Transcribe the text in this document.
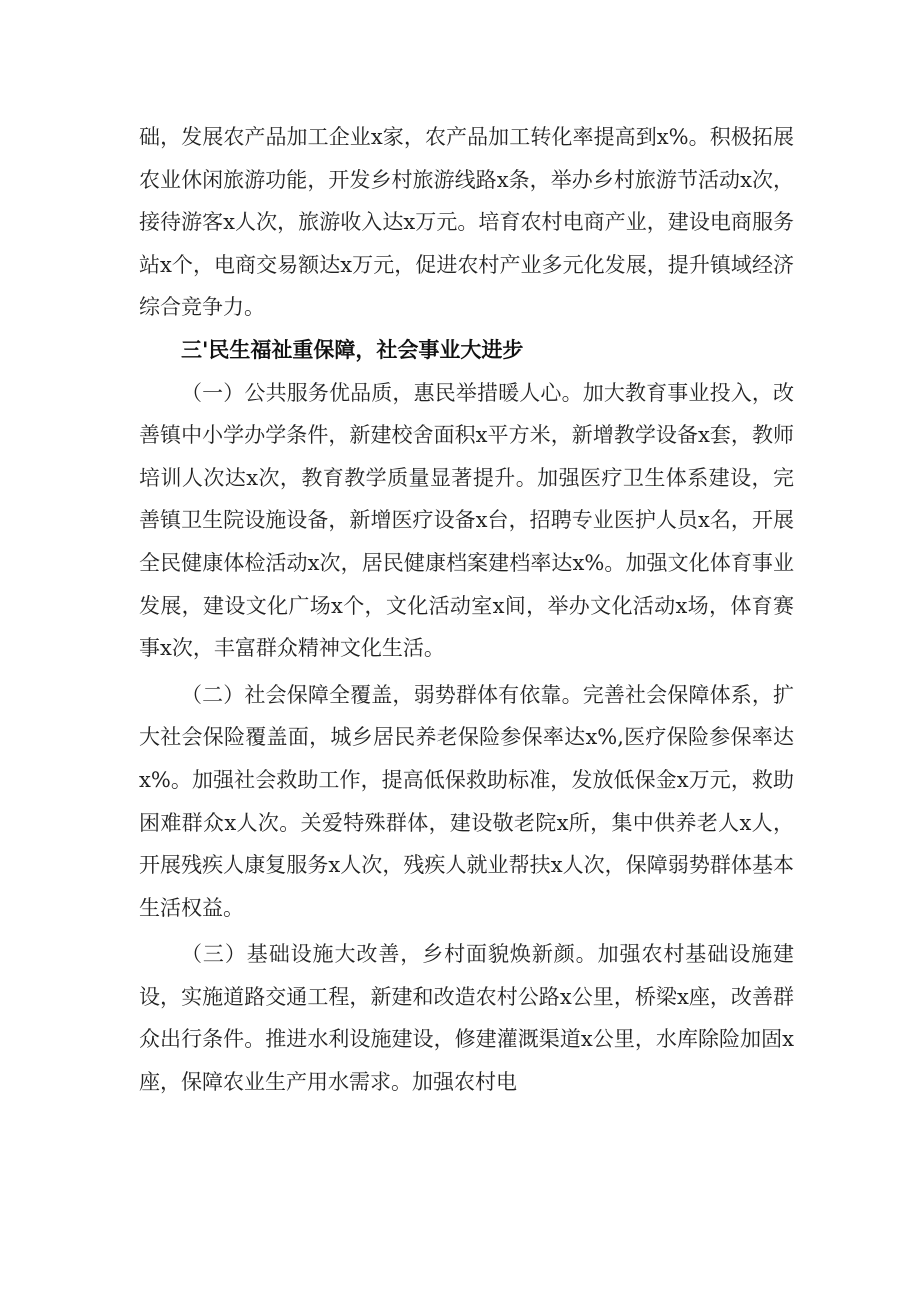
础，发展农产品加工企业x家，农产品加工转化率提高到x%。积极拓展农业休闲旅游功能，开发乡村旅游线路x条，举办乡村旅游节活动x次，接待游客x人次，旅游收入达x万元。培育农村电商产业，建设电商服务站x个，电商交易额达x万元，促进农村产业多元化发展，提升镇域经济综合竞争力。

三'民生福祉重保障，社会事业大进步

（一）公共服务优品质，惠民举措暖人心。加大教育事业投入，改善镇中小学办学条件，新建校舍面积x平方米，新增教学设备x套，教师培训人次达x次，教育教学质量显著提升。加强医疗卫生体系建设，完善镇卫生院设施设备，新增医疗设备x台，招聘专业医护人员x名，开展全民健康体检活动x次，居民健康档案建档率达x%。加强文化体育事业发展，建设文化广场x个，文化活动室x间，举办文化活动x场，体育赛事x次，丰富群众精神文化生活。

（二）社会保障全覆盖，弱势群体有依靠。完善社会保障体系，扩大社会保险覆盖面，城乡居民养老保险参保率达x%,医疗保险参保率达x%。加强社会救助工作，提高低保救助标准，发放低保金x万元，救助困难群众x人次。关爱特殊群体，建设敬老院x所，集中供养老人x人，开展残疾人康复服务x人次，残疾人就业帮扶x人次，保障弱势群体基本生活权益。

（三）基础设施大改善，乡村面貌焕新颜。加强农村基础设施建设，实施道路交通工程，新建和改造农村公路x公里，桥梁x座，改善群众出行条件。推进水利设施建设，修建灌溉渠道x公里，水库除险加固x座，保障农业生产用水需求。加强农村电
